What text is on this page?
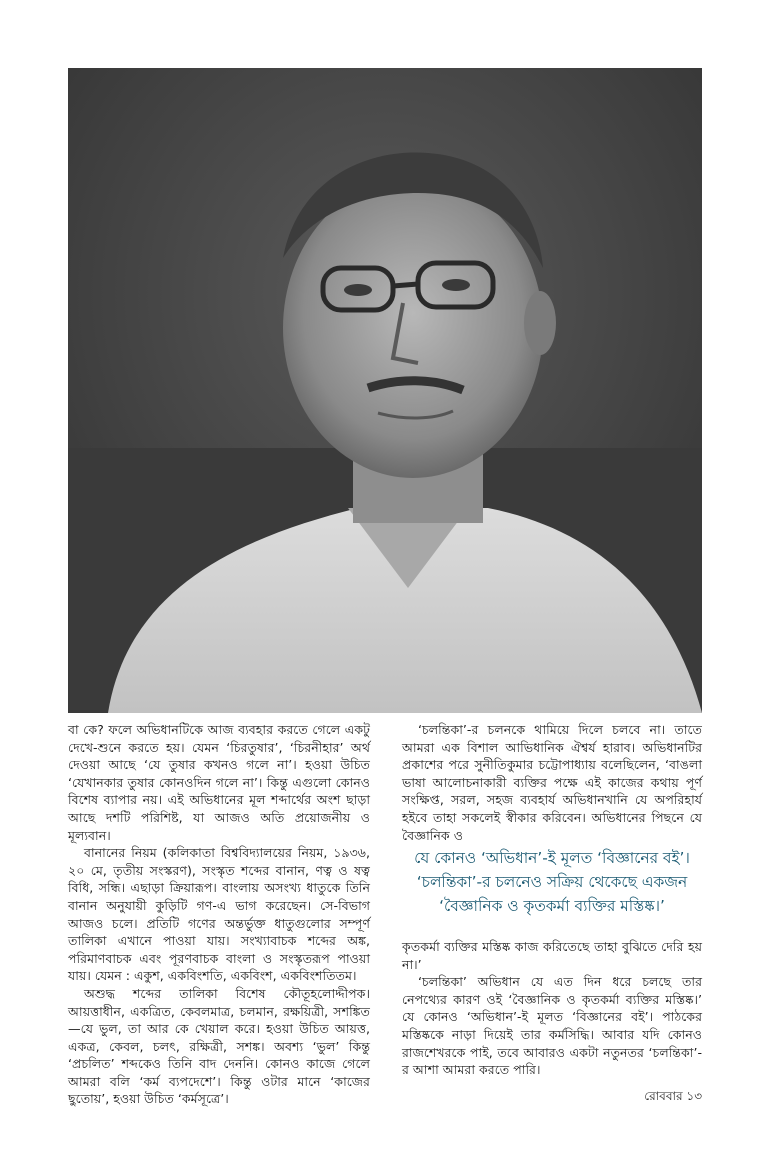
বা কে? ফলে অভিধানটিকে আজ ব্যবহার করতে গেলে একটু দেখে-শুনে করতে হয়। যেমন ‘চিরতুষার’, ‘চিরনীহার’ অর্থ দেওয়া আছে ‘যে তুষার কখনও গলে না’। হওয়া উচিত ‘যেখানকার তুষার কোনওদিন গলে না’। কিন্তু এগুলো কোনও বিশেষ ব্যাপার নয়। এই অভিধানের মূল শব্দার্থের অংশ ছাড়া আছে দশটি পরিশিষ্ট, যা আজও অতি প্রয়োজনীয় ও মূল্যবান।

বানানের নিয়ম (কলিকাতা বিশ্ববিদ্যালয়ের নিয়ম, ১৯৩৬, ২০ মে, তৃতীয় সংস্করণ), সংস্কৃত শব্দের বানান, ণত্ব ও ষত্ব বিধি, সন্ধি। এছাড়া ক্রিয়ারূপ। বাংলায় অসংখ্য ধাতুকে তিনি বানান অনুযায়ী কুড়িটি গণ-এ ভাগ করেছেন। সে-বিভাগ আজও চলে। প্রতিটি গণের অন্তর্ভুক্ত ধাতুগুলোর সম্পূর্ণ তালিকা এখানে পাওয়া যায়। সংখ্যাবাচক শব্দের অঙ্ক, পরিমাণবাচক এবং পূরণবাচক বাংলা ও সংস্কৃতরূপ পাওয়া যায়। যেমন : একুশ, একবিংশতি, একবিংশ, একবিংশতিতম।

অশুদ্ধ শব্দের তালিকা বিশেষ কৌতূহলোদ্দীপক। আয়ত্তাধীন, একত্রিত, কেবলমাত্র, চলমান, রক্ষয়িত্রী, সশঙ্কিত—যে ভুল, তা আর কে খেয়াল করে। হওয়া উচিত আয়ত্ত, একত্র, কেবল, চলৎ, রক্ষিত্রী, সশঙ্ক। অবশ্য ‘ভুল’ কিন্তু ‘প্রচলিত’ শব্দকেও তিনি বাদ দেননি। কোনও কাজে গেলে আমরা বলি ‘কর্ম ব্যপদেশে’। কিন্তু ওটার মানে ‘কাজের ছুতোয়’, হওয়া উচিত ‘কর্মসূত্রে’।

‘চলন্তিকা’-র চলনকে থামিয়ে দিলে চলবে না। তাতে আমরা এক বিশাল আভিধানিক ঐশ্বর্য হারাব। অভিধানটির প্রকাশের পরে সুনীতিকুমার চট্টোপাধ্যায় বলেছিলেন, ‘বাঙলা ভাষা আলোচনাকারী ব্যক্তির পক্ষে এই কাজের কথায় পূর্ণ সংক্ষিপ্ত, সরল, সহজ ব্যবহার্য অভিধানখানি যে অপরিহার্য হইবে তাহা সকলেই স্বীকার করিবেন। অভিধানের পিছনে যে বৈজ্ঞানিক ও

যে কোনও ‘অভিধান’-ই মূলত ‘বিজ্ঞানের বই’।
‘চলন্তিকা’-র চলনেও সক্রিয় থেকেছে একজন
‘বৈজ্ঞানিক ও কৃতকর্মা ব্যক্তির মস্তিষ্ক।’

কৃতকর্মা ব্যক্তির মস্তিষ্ক কাজ করিতেছে তাহা বুঝিতে দেরি হয় না।’

‘চলন্তিকা’ অভিধান যে এত দিন ধরে চলছে তার নেপথ্যের কারণ ওই ‘বৈজ্ঞানিক ও কৃতকর্মা ব্যক্তির মস্তিষ্ক।’ যে কোনও ‘অভিধান’-ই মূলত ‘বিজ্ঞানের বই’। পাঠকের মস্তিষ্ককে নাড়া দিয়েই তার কর্মসিদ্ধি। আবার যদি কোনও রাজশেখরকে পাই, তবে আবারও একটা নতুনতর ‘চলন্তিকা’-র আশা আমরা করতে পারি।

রোববার ১৩
